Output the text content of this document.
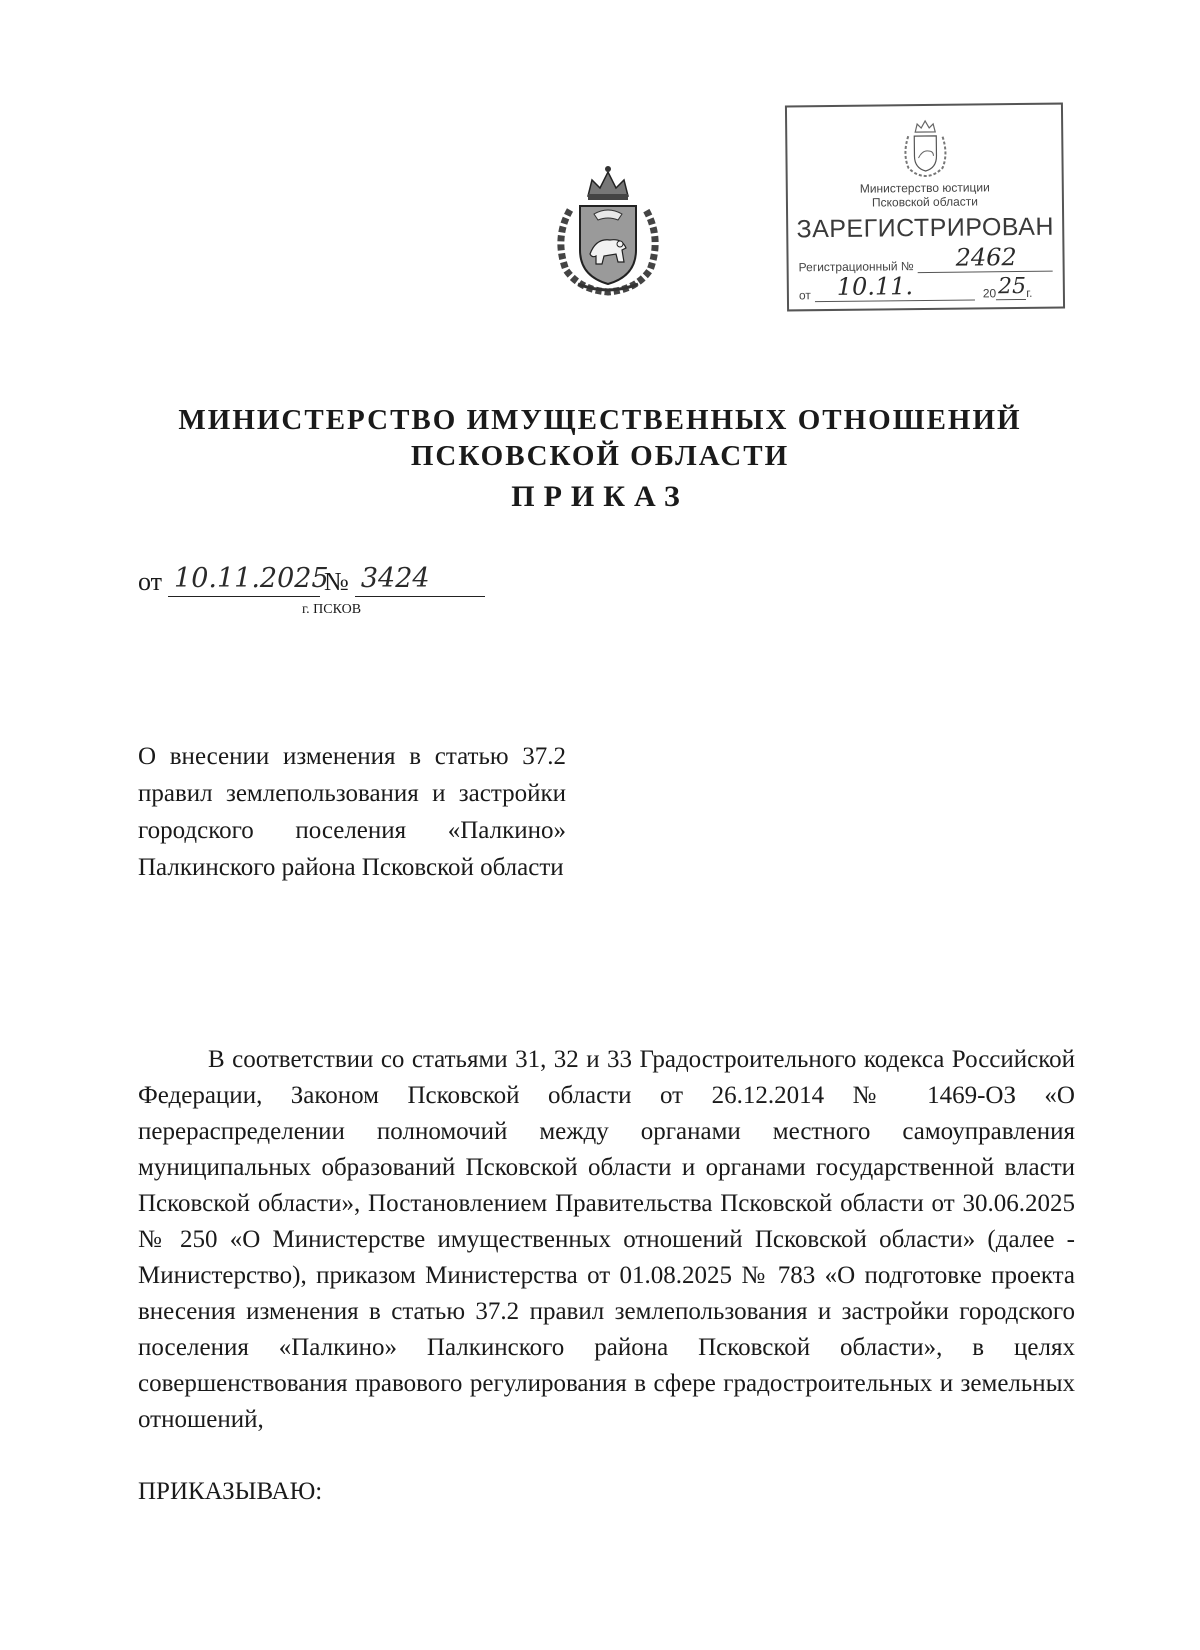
Министерство юстиции
Псковской области
ЗАРЕГИСТРИРОВАН
Регистрационный № 2462
от 10.11.	20 25 г.
МИНИСТЕРСТВО ИМУЩЕСТВЕННЫХ ОТНОШЕНИЙ
ПСКОВСКОЙ ОБЛАСТИ
ПРИКАЗ
от 10.11.2025
№ 3424
г. ПСКОВ
О внесении изменения в статью 37.2 правил землепользования и застройки городского поселения «Палкино» Палкинского района Псковской области

В соответствии со статьями 31, 32 и 33 Градостроительного кодекса Российской Федерации, Законом Псковской области от 26.12.2014 № 1469-ОЗ «О перераспределении полномочий между органами местного самоуправления муниципальных образований Псковской области и органами государственной власти Псковской области», Постановлением Правительства Псковской области от 30.06.2025 № 250 «О Министерстве имущественных отношений Псковской области» (далее - Министерство), приказом Министерства от 01.08.2025 № 783 «О подготовке проекта внесения изменения в статью 37.2 правил землепользования и застройки городского поселения «Палкино» Палкинского района Псковской области», в целях совершенствования правового регулирования в сфере градостроительных и земельных отношений,

ПРИКАЗЫВАЮ:
